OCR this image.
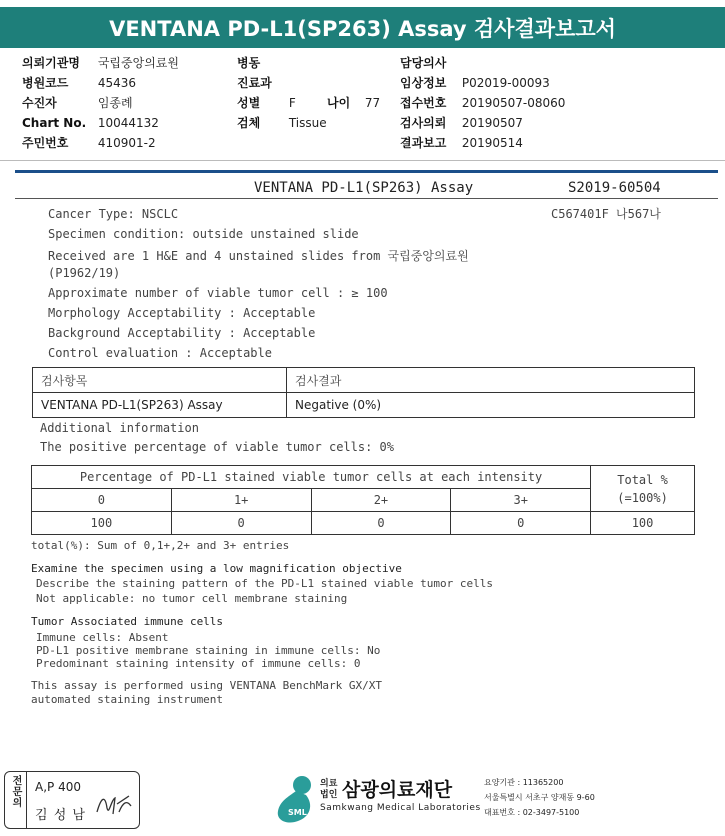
VENTANA PD-L1(SP263) Assay 검사결과보고서
의뢰기관명 국립중앙의료원
병원코드 45436
수진자	임종례
Chart No. 10044132
주민번호 410901-2
병동
진료과
성별 F	나이 77
검체 Tissue
담당의사
임상정보 P02019-00093
접수번호 20190507-08060
검사의뢰 20190507
결과보고 20190514
VENTANA PD-L1(SP263) Assay	S2019-60504
C567401F 나567나
Cancer Type: NSCLC
Specimen condition: outside unstained slide
Received are 1 H&E and 4 unstained slides from 국립중앙의료원
(P1962/19)
Approximate number of viable tumor cell : ≥ 100
Morphology Acceptability : Acceptable
Background Acceptability : Acceptable
Control evaluation : Acceptable
검사항목	검사결과
VENTANA PD-L1(SP263) Assay	Negative (0%)
Additional information
The positive percentage of viable tumor cells: 0%
Percentage of PD-L1 stained viable tumor cells at each intensity				Total %
(=100%)

0	1+	2+	3+	
100	0	0	0	100
total(%): Sum of 0,1+,2+ and 3+ entries
Examine the specimen using a low magnification objective
Describe the staining pattern of the PD-L1 stained viable tumor cells
Not applicable: no tumor cell membrane staining
Tumor Associated immune cells
Immune cells: Absent
PD-L1 positive membrane staining in immune cells: No
Predominant staining intensity of immune cells: 0
This assay is performed using VENTANA BenchMark GX/XT
automated staining instrument
전문의	A,P 400
김 성 남	SML
의료
법인 삼광의료재단
Samkwang Medical Laboratories
요양기관 : 11365200
서울특별시 서초구 양재동 9-60
대표번호 : 02-3497-5100
